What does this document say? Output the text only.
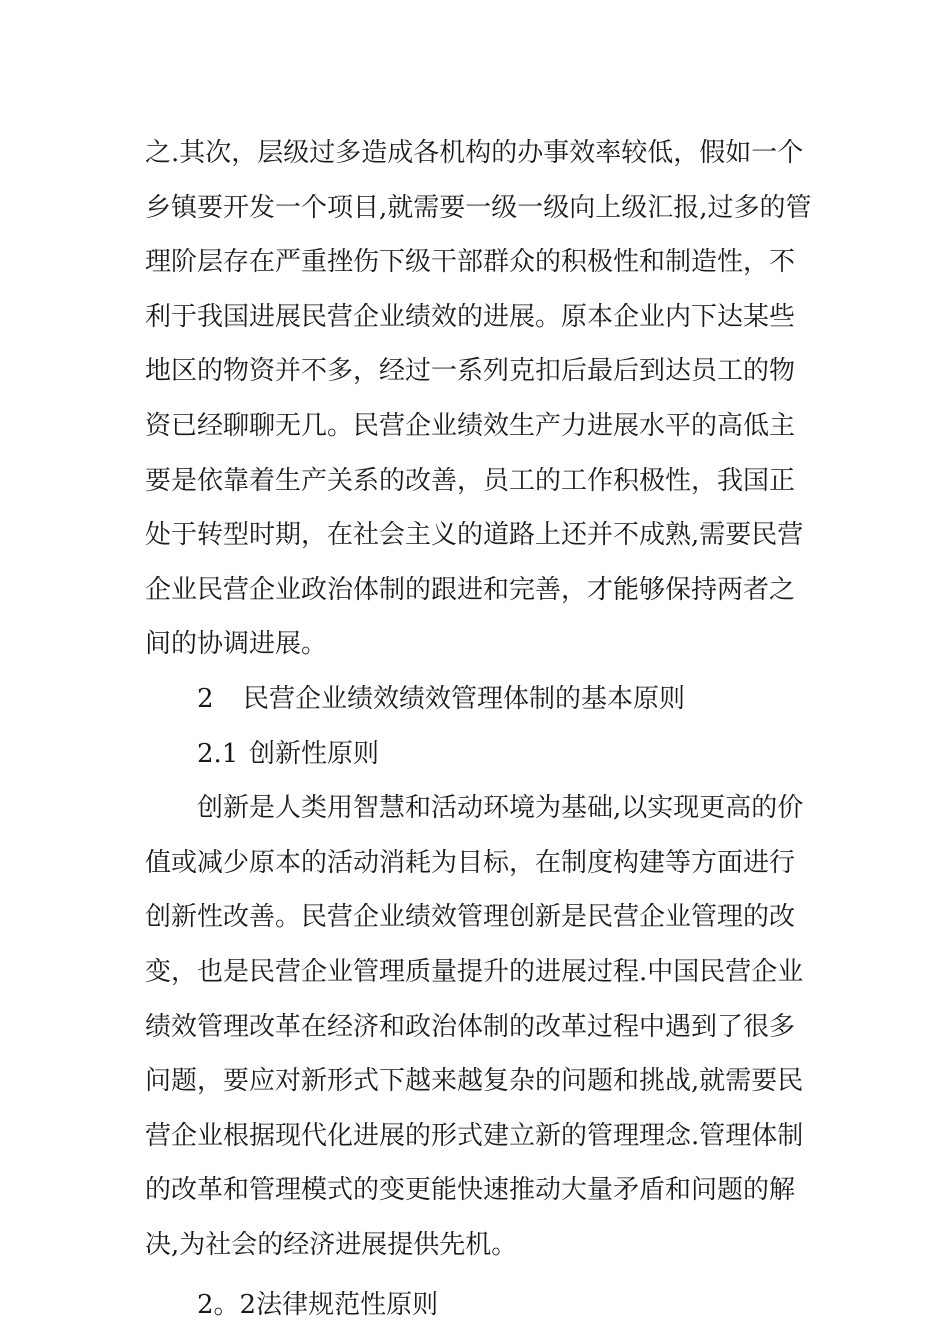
之.其次，层级过多造成各机构的办事效率较低，假如一个
乡镇要开发一个项目,就需要一级一级向上级汇报,过多的管
理阶层存在严重挫伤下级干部群众的积极性和制造性，不
利于我国进展民营企业绩效的进展。原本企业内下达某些
地区的物资并不多，经过一系列克扣后最后到达员工的物
资已经聊聊无几。民营企业绩效生产力进展水平的高低主
要是依靠着生产关系的改善，员工的工作积极性，我国正
处于转型时期，在社会主义的道路上还并不成熟,需要民营
企业民营企业政治体制的跟进和完善，才能够保持两者之
间的协调进展。
2 民营企业绩效绩效管理体制的基本原则
2.1 创新性原则
创新是人类用智慧和活动环境为基础,以实现更高的价
值或减少原本的活动消耗为目标，在制度构建等方面进行
创新性改善。民营企业绩效管理创新是民营企业管理的改
变，也是民营企业管理质量提升的进展过程.中国民营企业
绩效管理改革在经济和政治体制的改革过程中遇到了很多
问题，要应对新形式下越来越复杂的问题和挑战,就需要民
营企业根据现代化进展的形式建立新的管理理念.管理体制
的改革和管理模式的变更能快速推动大量矛盾和问题的解
决,为社会的经济进展提供先机。
2。2法律规范性原则
